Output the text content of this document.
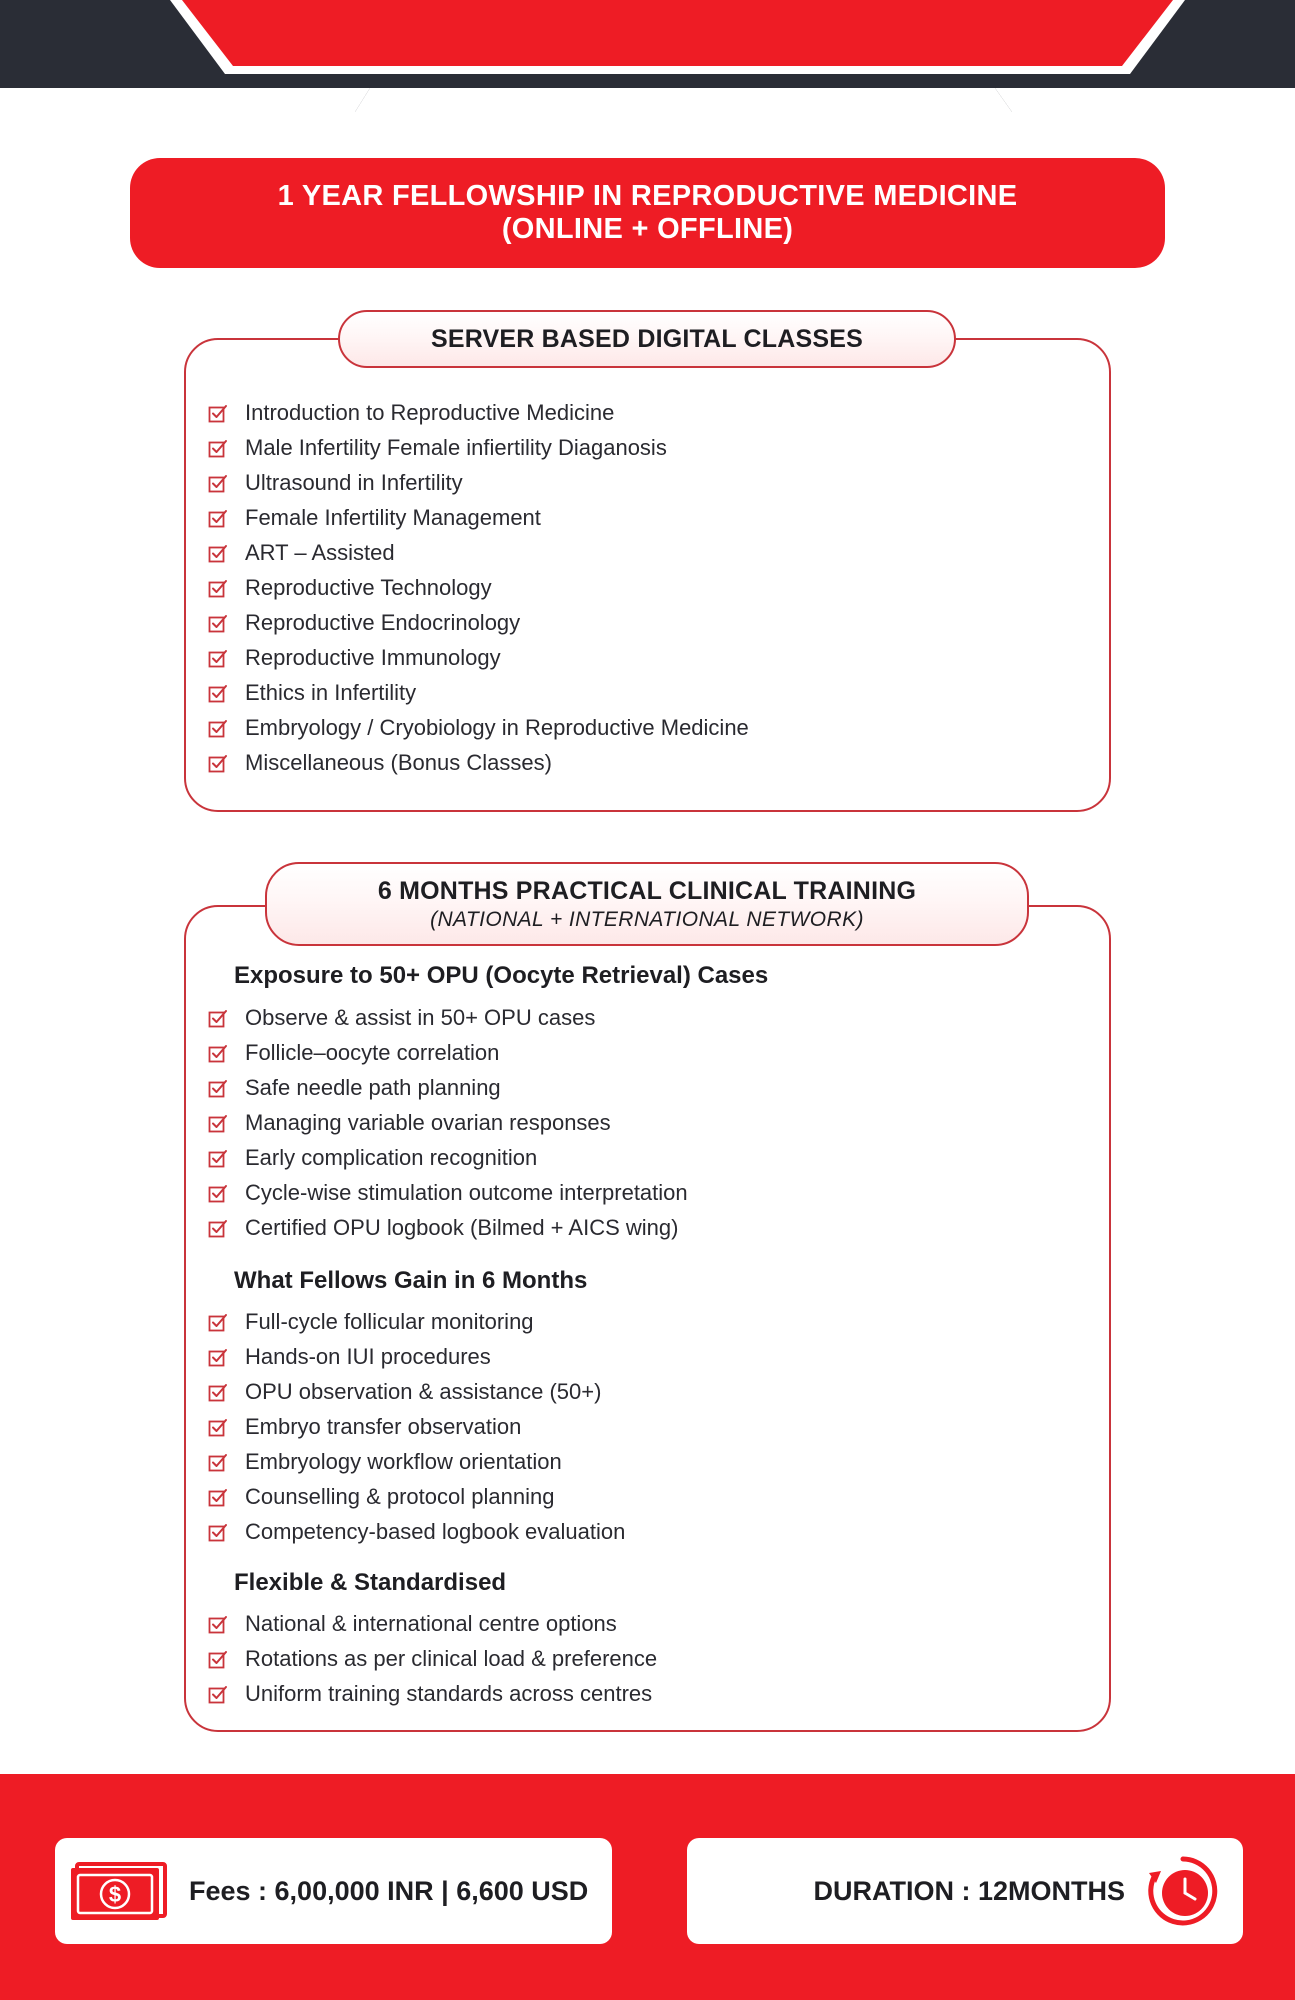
1 YEAR FELLOWSHIP IN REPRODUCTIVE MEDICINE
(ONLINE + OFFLINE)
SERVER BASED DIGITAL CLASSES
Introduction to Reproductive Medicine
Male Infertility Female infiertility Diaganosis
Ultrasound in Infertility
Female Infertility Management
ART – Assisted
Reproductive Technology
Reproductive Endocrinology
Reproductive Immunology
Ethics in Infertility
Embryology / Cryobiology in Reproductive Medicine
Miscellaneous (Bonus Classes)
6 MONTHS PRACTICAL CLINICAL TRAINING
(NATIONAL + INTERNATIONAL NETWORK)
Exposure to 50+ OPU (Oocyte Retrieval) Cases
Observe & assist in 50+ OPU cases
Follicle–oocyte correlation
Safe needle path planning
Managing variable ovarian responses
Early complication recognition
Cycle-wise stimulation outcome interpretation
Certified OPU logbook (Bilmed + AICS wing)
What Fellows Gain in 6 Months
Full-cycle follicular monitoring
Hands-on IUI procedures
OPU observation & assistance (50+)
Embryo transfer observation
Embryology workflow orientation
Counselling & protocol planning
Competency-based logbook evaluation
Flexible & Standardised
National & international centre options
Rotations as per clinical load & preference
Uniform training standards across centres
$	Fees : 6,00,000 INR | 6,600 USD	DURATION : 12MONTHS
